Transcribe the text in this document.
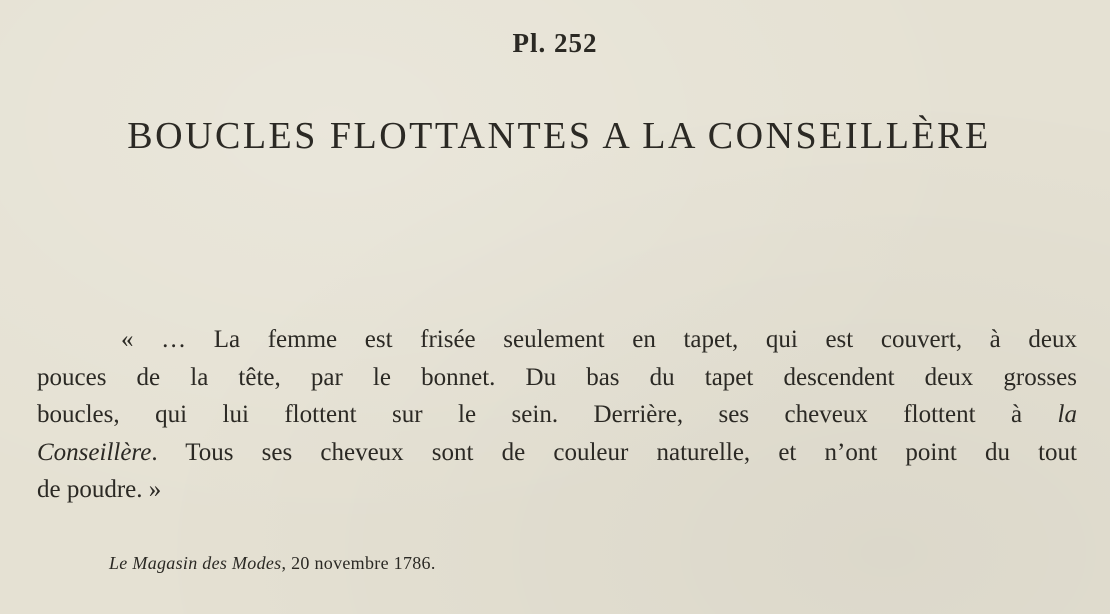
Pl. 252
BOUCLES FLOTTANTES A LA CONSEILLÈRE
« … La femme est frisée seulement en tapet, qui est couvert, à deux
pouces de la tête, par le bonnet. Du bas du tapet descendent deux grosses
boucles, qui lui flottent sur le sein. Derrière, ses cheveux flottent à la
Conseillère. Tous ses cheveux sont de couleur naturelle, et n’ont point du tout
de poudre. »
Le Magasin des Modes, 20 novembre 1786.
